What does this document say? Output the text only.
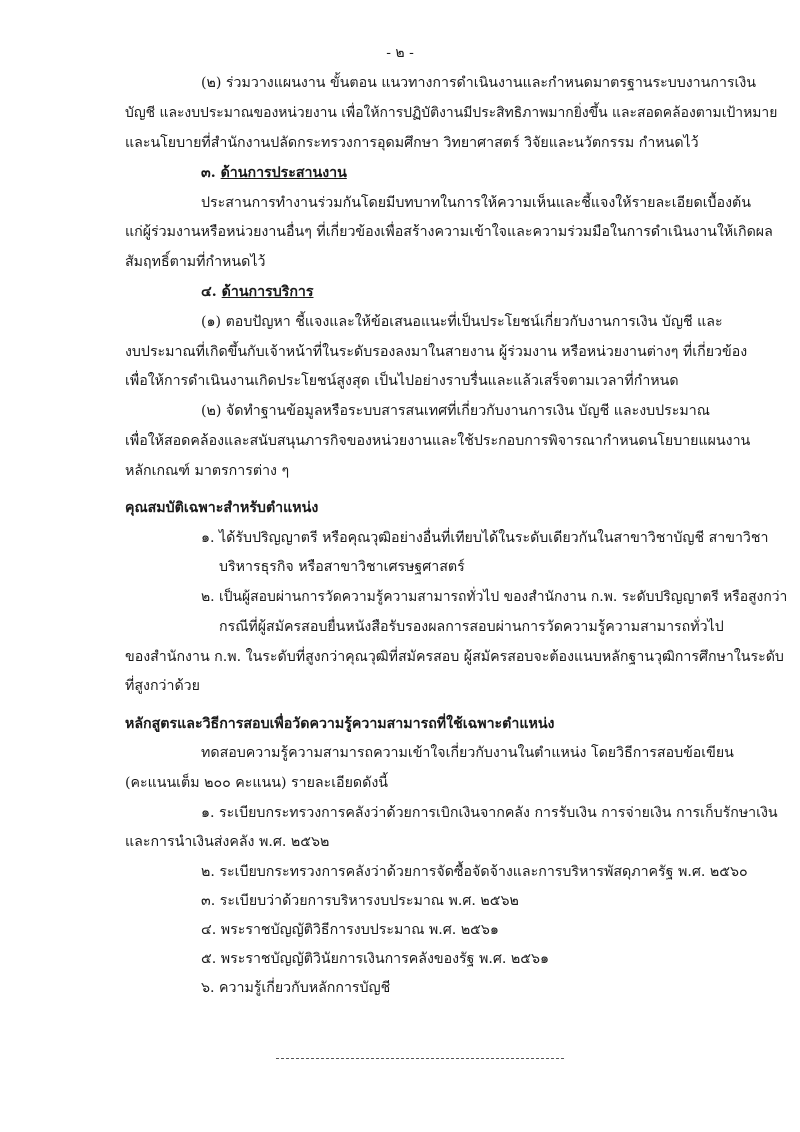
- ๒ -
(๒) ร่วมวางแผนงาน ขั้นตอน แนวทางการดำเนินงานและกำหนดมาตรฐานระบบงานการเงิน
บัญชี และงบประมาณของหน่วยงาน เพื่อให้การปฏิบัติงานมีประสิทธิภาพมากยิ่งขึ้น และสอดคล้องตามเป้าหมาย
และนโยบายที่สำนักงานปลัดกระทรวงการอุดมศึกษา วิทยาศาสตร์ วิจัยและนวัตกรรม กำหนดไว้
๓. ด้านการประสานงาน
ประสานการทำงานร่วมกันโดยมีบทบาทในการให้ความเห็นและชี้แจงให้รายละเอียดเบื้องต้น
แก่ผู้ร่วมงานหรือหน่วยงานอื่นๆ ที่เกี่ยวข้องเพื่อสร้างความเข้าใจและความร่วมมือในการดำเนินงานให้เกิดผล
สัมฤทธิ์ตามที่กำหนดไว้
๔. ด้านการบริการ
(๑) ตอบปัญหา ชี้แจงและให้ข้อเสนอแนะที่เป็นประโยชน์เกี่ยวกับงานการเงิน บัญชี และ
งบประมาณที่เกิดขึ้นกับเจ้าหน้าที่ในระดับรองลงมาในสายงาน ผู้ร่วมงาน หรือหน่วยงานต่างๆ ที่เกี่ยวข้อง
เพื่อให้การดำเนินงานเกิดประโยชน์สูงสุด เป็นไปอย่างราบรื่นและแล้วเสร็จตามเวลาที่กำหนด
(๒) จัดทำฐานข้อมูลหรือระบบสารสนเทศที่เกี่ยวกับงานการเงิน บัญชี และงบประมาณ
เพื่อให้สอดคล้องและสนับสนุนภารกิจของหน่วยงานและใช้ประกอบการพิจารณากำหนดนโยบายแผนงาน
หลักเกณฑ์ มาตรการต่าง ๆ
คุณสมบัติเฉพาะสำหรับตำแหน่ง
๑. ได้รับปริญญาตรี หรือคุณวุฒิอย่างอื่นที่เทียบได้ในระดับเดียวกันในสาขาวิชาบัญชี สาขาวิชา
บริหารธุรกิจ หรือสาขาวิชาเศรษฐศาสตร์
๒. เป็นผู้สอบผ่านการวัดความรู้ความสามารถทั่วไป ของสำนักงาน ก.พ. ระดับปริญญาตรี หรือสูงกว่า
กรณีที่ผู้สมัครสอบยื่นหนังสือรับรองผลการสอบผ่านการวัดความรู้ความสามารถทั่วไป
ของสำนักงาน ก.พ. ในระดับที่สูงกว่าคุณวุฒิที่สมัครสอบ ผู้สมัครสอบจะต้องแนบหลักฐานวุฒิการศึกษาในระดับ
ที่สูงกว่าด้วย
หลักสูตรและวิธีการสอบเพื่อวัดความรู้ความสามารถที่ใช้เฉพาะตำแหน่ง
ทดสอบความรู้ความสามารถความเข้าใจเกี่ยวกับงานในตำแหน่ง โดยวิธีการสอบข้อเขียน
(คะแนนเต็ม ๒๐๐ คะแนน) รายละเอียดดังนี้
๑. ระเบียบกระทรวงการคลังว่าด้วยการเบิกเงินจากคลัง การรับเงิน การจ่ายเงิน การเก็บรักษาเงิน
และการนำเงินส่งคลัง พ.ศ. ๒๕๖๒
๒. ระเบียบกระทรวงการคลังว่าด้วยการจัดซื้อจัดจ้างและการบริหารพัสดุภาครัฐ พ.ศ. ๒๕๖๐
๓. ระเบียบว่าด้วยการบริหารงบประมาณ พ.ศ. ๒๕๖๒
๔. พระราชบัญญัติวิธีการงบประมาณ พ.ศ. ๒๕๖๑
๕. พระราชบัญญัติวินัยการเงินการคลังของรัฐ พ.ศ. ๒๕๖๑
๖. ความรู้เกี่ยวกับหลักการบัญชี
